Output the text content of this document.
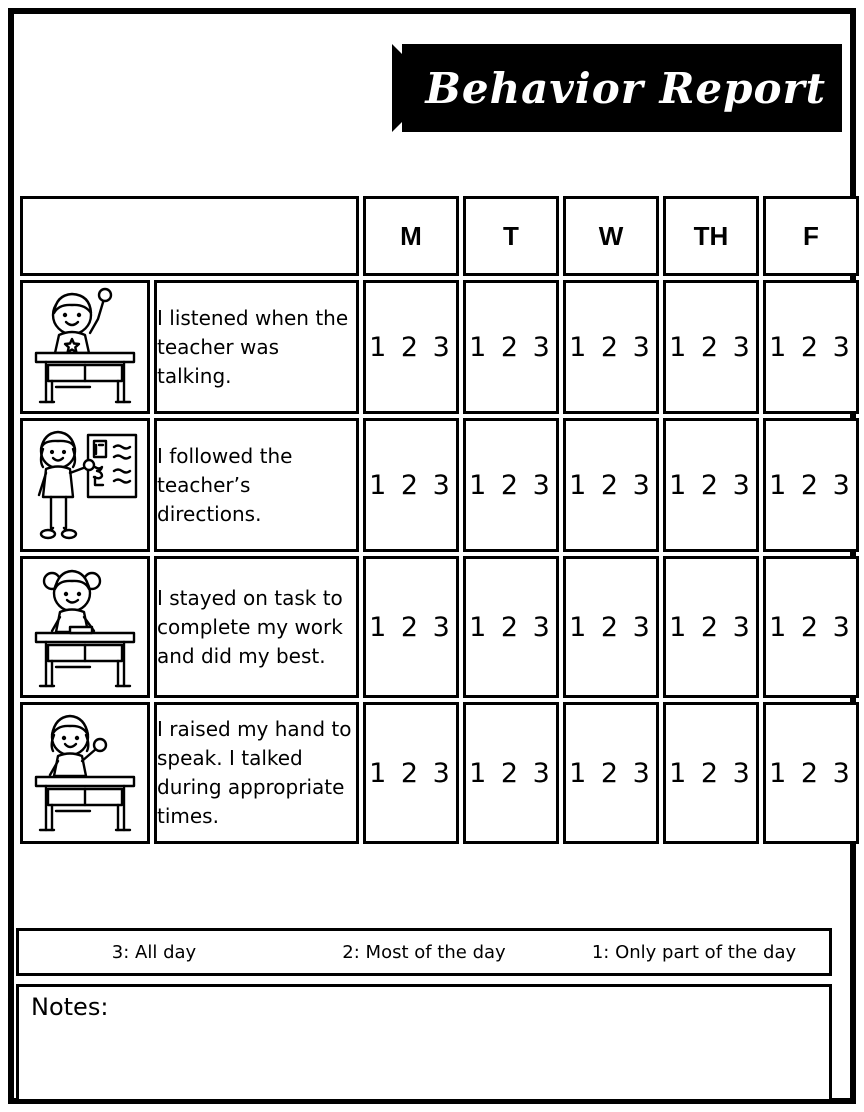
Behavior Report
		M	T	W	TH	F

	I listened when the teacher was talking.	1 2 3	1 2 3	1 2 3	1 2 3	1 2 3

	I followed the teacher’s directions.	1 2 3	1 2 3	1 2 3	1 2 3	1 2 3

	I stayed on task to complete my work and did my best.	1 2 3	1 2 3	1 2 3	1 2 3	1 2 3

	I raised my hand to speak. I talked during appropriate times.	1 2 3	1 2 3	1 2 3	1 2 3	1 2 3
3: All day	2: Most of the day	1: Only part of the day
Notes:
